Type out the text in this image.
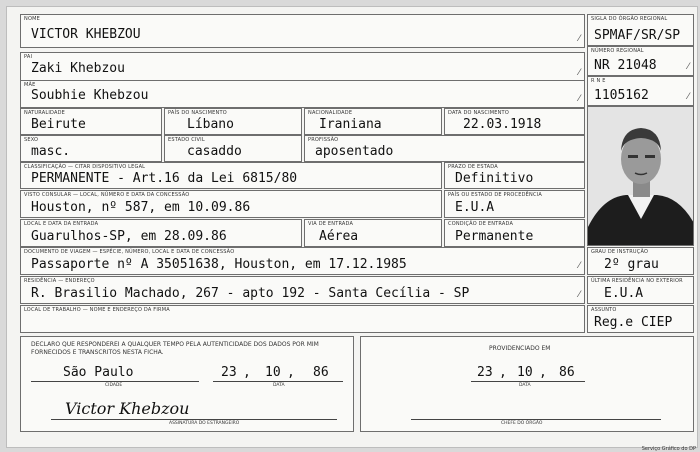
NOME
VICTOR KHEBZOU	⁄
PAI
Zaki Khebzou	⁄
MÃE
Soubhie Khebzou	⁄
NATURALIDADE
Beirute
PAÍS DO NASCIMENTO
Líbano
NACIONALIDADE
Iraniana
DATA DO NASCIMENTO
22.03.1918
SEXO
masc.
ESTADO CIVIL
casaddo
PROFISSÃO
aposentado
CLASSIFICAÇÃO — CITAR DISPOSITIVO LEGAL
PERMANENTE - Art.16 da Lei 6815/80
PRAZO DE ESTADA
Definitivo
VISTO CONSULAR — LOCAL, NÚMERO E DATA DA CONCESSÃO
Houston, nº 587, em 10.09.86
PAÍS OU ESTADO DE PROCEDÊNCIA
E.U.A
LOCAL E DATA DA ENTRADA
Guarulhos-SP, em 28.09.86
VIA DE ENTRADA
Aérea
CONDIÇÃO DE ENTRADA
Permanente
DOCUMENTO DE VIAGEM — ESPÉCIE, NÚMERO, LOCAL E DATA DE CONCESSÃO
Passaporte nº A 35051638, Houston, em 17.12.1985	⁄
RESIDÊNCIA — ENDEREÇO
R. Brasilio Machado, 267 - apto 192 - Santa Cecília - SP	⁄
LOCAL DE TRABALHO — NOME E ENDEREÇO DA FIRMA
SIGLA DO ÓRGÃO REGIONAL
SPMAF/SR/SP
NÚMERO REGIONAL
NR 21048	⁄
R N E
1105162	⁄
GRAU DE INSTRUÇÃO
2º grau
ÚLTIMA RESIDÊNCIA NO EXTERIOR
E.U.A
ASSUNTO
Reg.e CIEP
DECLARO QUE RESPONDEREI A QUALQUER TEMPO PELA AUTENTICIDADE DOS DADOS POR MIM FORNECIDOS E TRANSCRITOS NESTA FICHA.
São Paulo
CIDADE
23 , 10 , 86
DATA
Victor Khebzou
ASSINATURA DO ESTRANGEIRO
PROVIDENCIADO EM
23 , 10 , 86
DATA
CHEFE DO ÓRGÃO
Serviço Gráfico do DP
